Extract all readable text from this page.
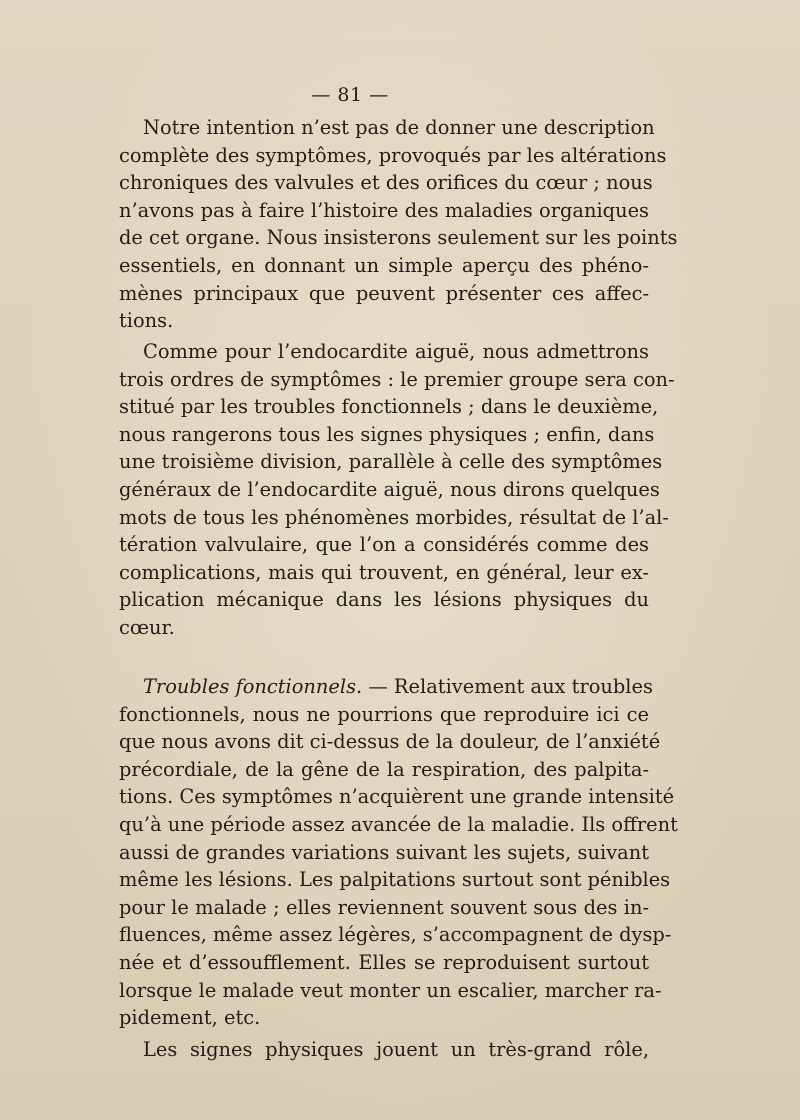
— 81 —
Notre intention n’est pas de donner une description
complète des symptômes, provoqués par les altérations
chroniques des valvules et des orifices du cœur ; nous
n’avons pas à faire l’histoire des maladies organiques
de cet organe. Nous insisterons seulement sur les points
essentiels, en donnant un simple aperçu des phéno-
mènes principaux que peuvent présenter ces affec-
tions.
Comme pour l’endocardite aiguë, nous admettrons
trois ordres de symptômes : le premier groupe sera con-
stitué par les troubles fonctionnels ; dans le deuxième,
nous rangerons tous les signes physiques ; enfin, dans
une troisième division, parallèle à celle des symptômes
généraux de l’endocardite aiguë, nous dirons quelques
mots de tous les phénomènes morbides, résultat de l’al-
tération valvulaire, que l’on a considérés comme des
complications, mais qui trouvent, en général, leur ex-
plication mécanique dans les lésions physiques du
cœur.
Troubles fonctionnels. — Relativement aux troubles
fonctionnels, nous ne pourrions que reproduire ici ce
que nous avons dit ci-dessus de la douleur, de l’anxiété
précordiale, de la gêne de la respiration, des palpita-
tions. Ces symptômes n’acquièrent une grande intensité
qu’à une période assez avancée de la maladie. Ils offrent
aussi de grandes variations suivant les sujets, suivant
même les lésions. Les palpitations surtout sont pénibles
pour le malade ; elles reviennent souvent sous des in-
fluences, même assez légères, s’accompagnent de dysp-
née et d’essoufflement. Elles se reproduisent surtout
lorsque le malade veut monter un escalier, marcher ra-
pidement, etc.
Les signes physiques jouent un très-grand rôle,
